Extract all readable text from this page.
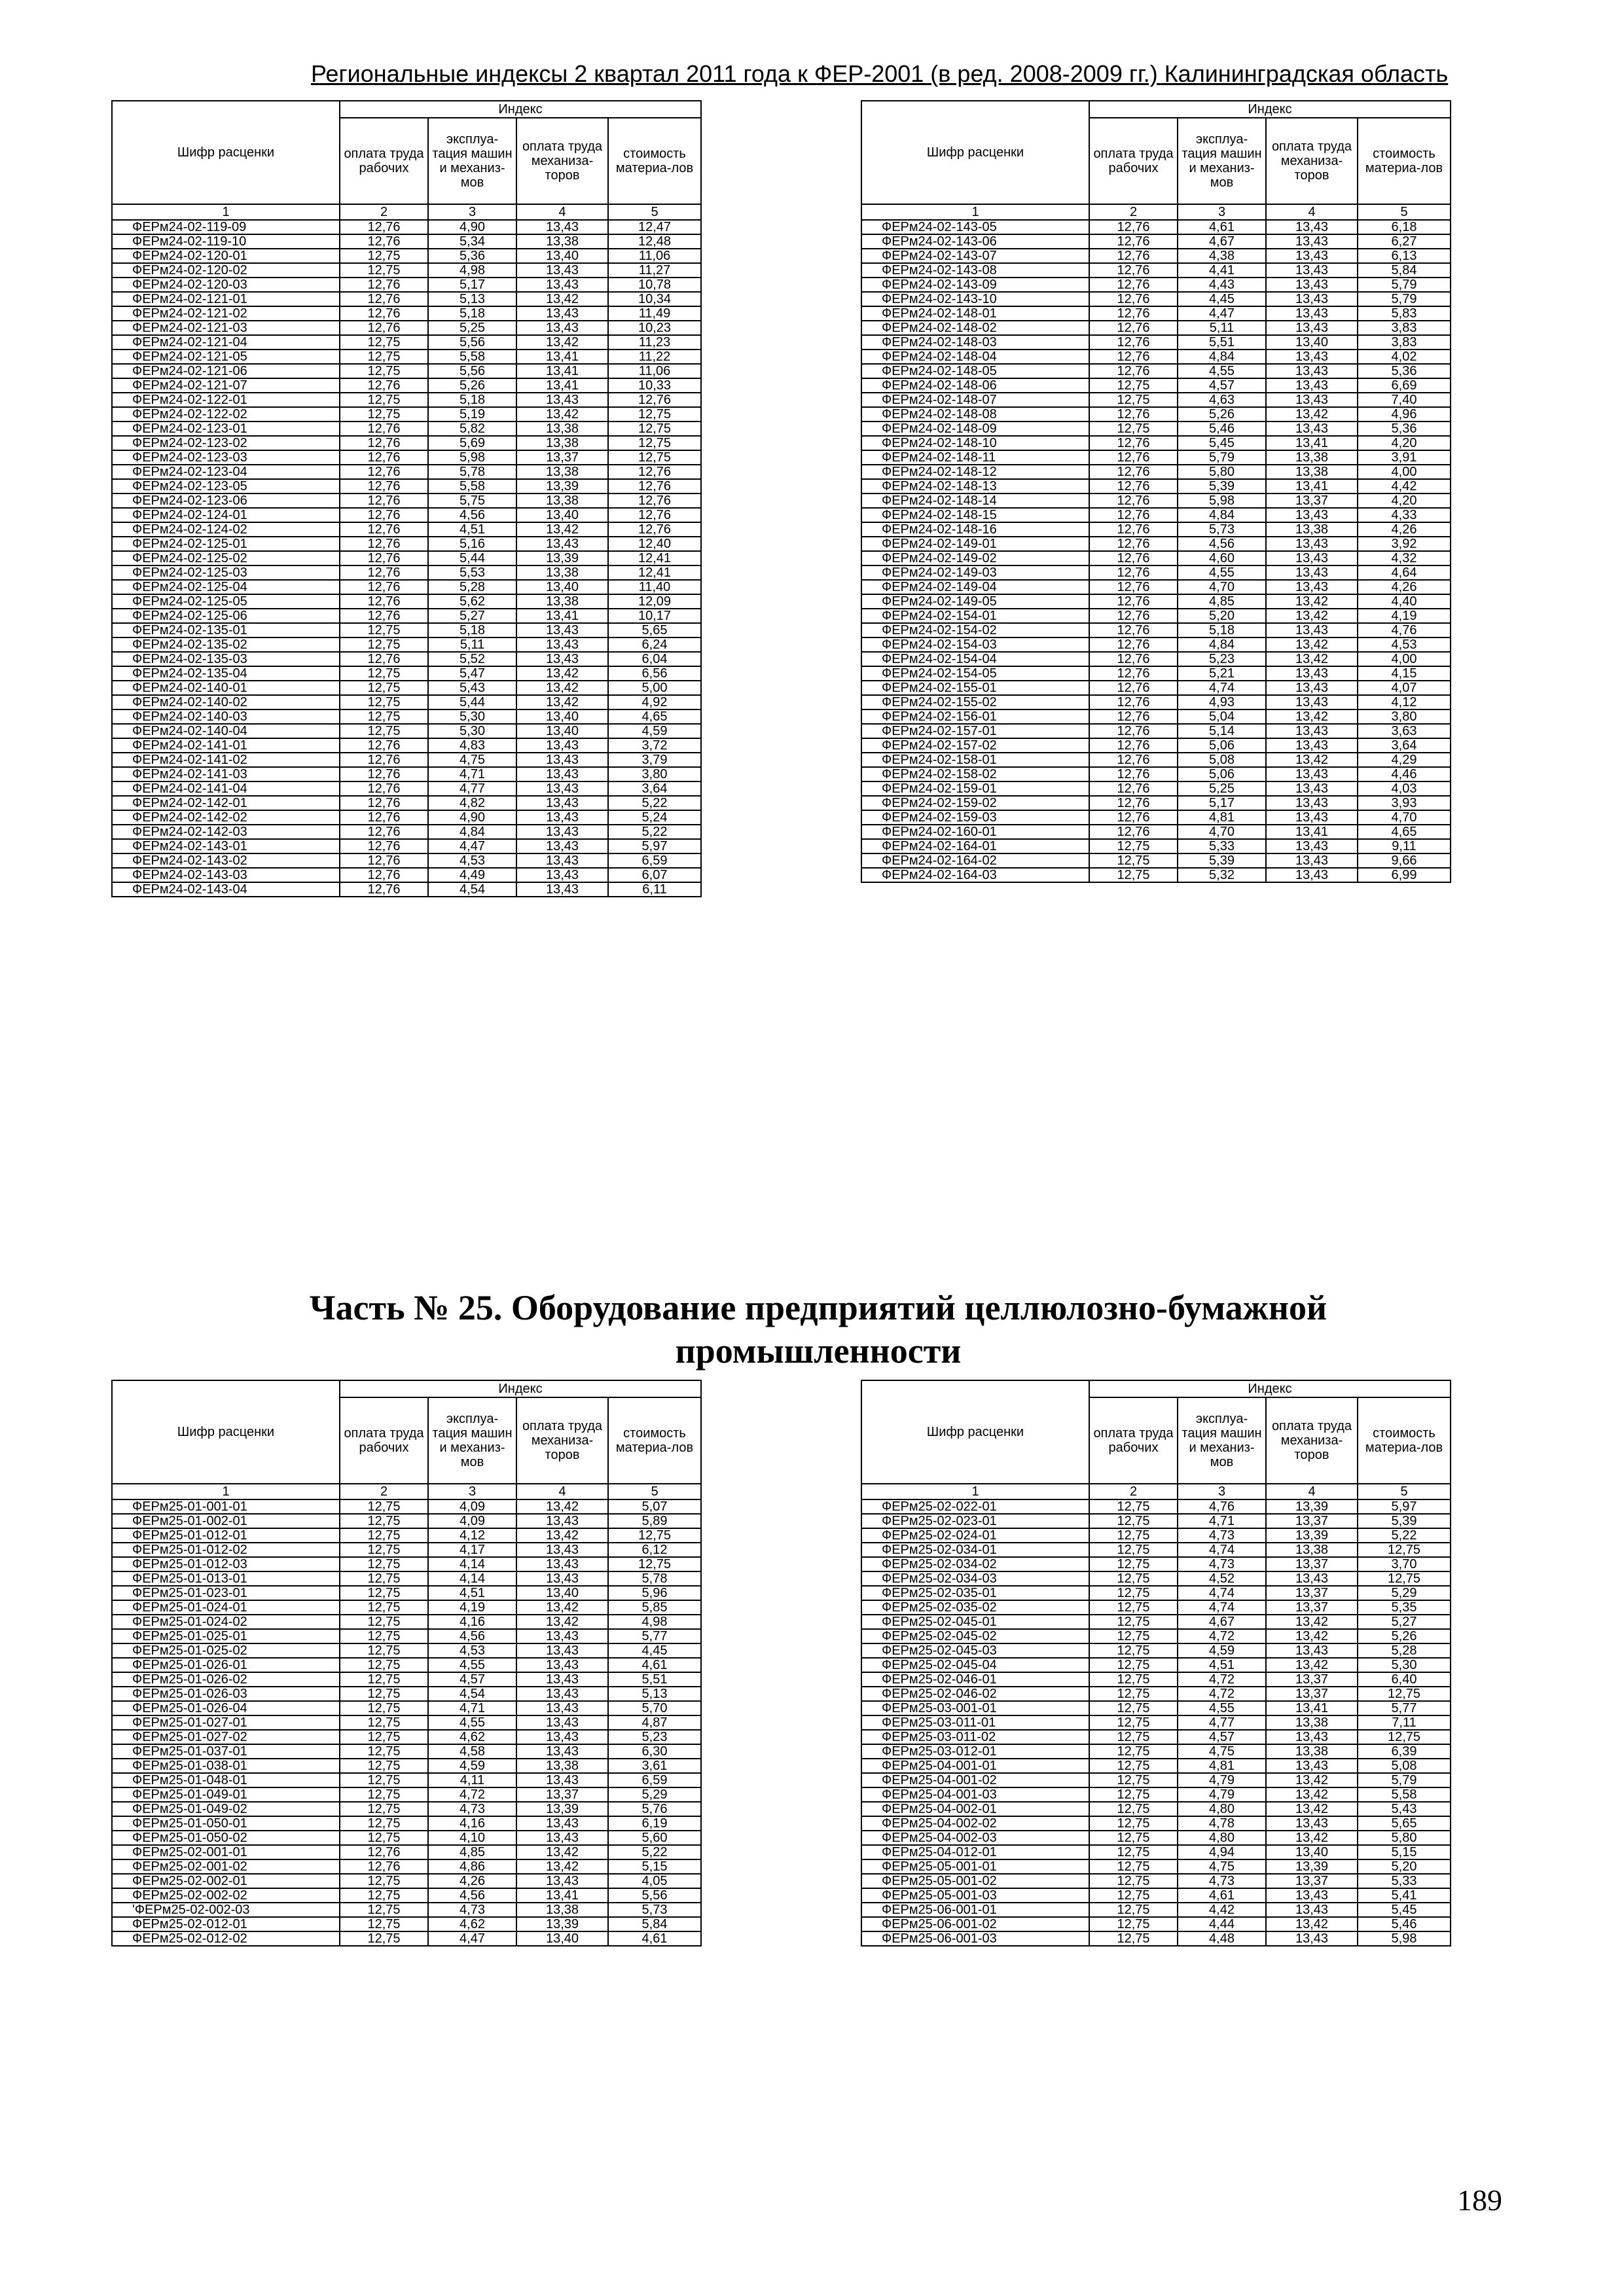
Региональные индексы 2 квартал 2011 года к ФЕР-2001 (в ред. 2008-2009 гг.) Калининградская область
Шифр расценки	Индекс			
	оплата труда рабочих	эксплуа-тация машин и механиз-мов	оплата труда механиза-торов	стоимость материа-лов
1	2	3	4	5
ФЕРм24-02-119-09	12,76	4,90	13,43	12,47
ФЕРм24-02-119-10	12,76	5,34	13,38	12,48
ФЕРм24-02-120-01	12,75	5,36	13,40	11,06
ФЕРм24-02-120-02	12,75	4,98	13,43	11,27
ФЕРм24-02-120-03	12,76	5,17	13,43	10,78
ФЕРм24-02-121-01	12,76	5,13	13,42	10,34
ФЕРм24-02-121-02	12,76	5,18	13,43	11,49
ФЕРм24-02-121-03	12,76	5,25	13,43	10,23
ФЕРм24-02-121-04	12,75	5,56	13,42	11,23
ФЕРм24-02-121-05	12,75	5,58	13,41	11,22
ФЕРм24-02-121-06	12,75	5,56	13,41	11,06
ФЕРм24-02-121-07	12,76	5,26	13,41	10,33
ФЕРм24-02-122-01	12,75	5,18	13,43	12,76
ФЕРм24-02-122-02	12,75	5,19	13,42	12,75
ФЕРм24-02-123-01	12,76	5,82	13,38	12,75
ФЕРм24-02-123-02	12,76	5,69	13,38	12,75
ФЕРм24-02-123-03	12,76	5,98	13,37	12,75
ФЕРм24-02-123-04	12,76	5,78	13,38	12,76
ФЕРм24-02-123-05	12,76	5,58	13,39	12,76
ФЕРм24-02-123-06	12,76	5,75	13,38	12,76
ФЕРм24-02-124-01	12,76	4,56	13,40	12,76
ФЕРм24-02-124-02	12,76	4,51	13,42	12,76
ФЕРм24-02-125-01	12,76	5,16	13,43	12,40
ФЕРм24-02-125-02	12,76	5,44	13,39	12,41
ФЕРм24-02-125-03	12,76	5,53	13,38	12,41
ФЕРм24-02-125-04	12,76	5,28	13,40	11,40
ФЕРм24-02-125-05	12,76	5,62	13,38	12,09
ФЕРм24-02-125-06	12,76	5,27	13,41	10,17
ФЕРм24-02-135-01	12,75	5,18	13,43	5,65
ФЕРм24-02-135-02	12,75	5,11	13,43	6,24
ФЕРм24-02-135-03	12,76	5,52	13,43	6,04
ФЕРм24-02-135-04	12,75	5,47	13,42	6,56
ФЕРм24-02-140-01	12,75	5,43	13,42	5,00
ФЕРм24-02-140-02	12,75	5,44	13,42	4,92
ФЕРм24-02-140-03	12,75	5,30	13,40	4,65
ФЕРм24-02-140-04	12,75	5,30	13,40	4,59
ФЕРм24-02-141-01	12,76	4,83	13,43	3,72
ФЕРм24-02-141-02	12,76	4,75	13,43	3,79
ФЕРм24-02-141-03	12,76	4,71	13,43	3,80
ФЕРм24-02-141-04	12,76	4,77	13,43	3,64
ФЕРм24-02-142-01	12,76	4,82	13,43	5,22
ФЕРм24-02-142-02	12,76	4,90	13,43	5,24
ФЕРм24-02-142-03	12,76	4,84	13,43	5,22
ФЕРм24-02-143-01	12,76	4,47	13,43	5,97
ФЕРм24-02-143-02	12,76	4,53	13,43	6,59
ФЕРм24-02-143-03	12,76	4,49	13,43	6,07
ФЕРм24-02-143-04	12,76	4,54	13,43	6,11
Шифр расценки	Индекс			
	оплата труда рабочих	эксплуа-тация машин и механиз-мов	оплата труда механиза-торов	стоимость материа-лов
1	2	3	4	5
ФЕРм24-02-143-05	12,76	4,61	13,43	6,18
ФЕРм24-02-143-06	12,76	4,67	13,43	6,27
ФЕРм24-02-143-07	12,76	4,38	13,43	6,13
ФЕРм24-02-143-08	12,76	4,41	13,43	5,84
ФЕРм24-02-143-09	12,76	4,43	13,43	5,79
ФЕРм24-02-143-10	12,76	4,45	13,43	5,79
ФЕРм24-02-148-01	12,76	4,47	13,43	5,83
ФЕРм24-02-148-02	12,76	5,11	13,43	3,83
ФЕРм24-02-148-03	12,76	5,51	13,40	3,83
ФЕРм24-02-148-04	12,76	4,84	13,43	4,02
ФЕРм24-02-148-05	12,76	4,55	13,43	5,36
ФЕРм24-02-148-06	12,75	4,57	13,43	6,69
ФЕРм24-02-148-07	12,75	4,63	13,43	7,40
ФЕРм24-02-148-08	12,76	5,26	13,42	4,96
ФЕРм24-02-148-09	12,75	5,46	13,43	5,36
ФЕРм24-02-148-10	12,76	5,45	13,41	4,20
ФЕРм24-02-148-11	12,76	5,79	13,38	3,91
ФЕРм24-02-148-12	12,76	5,80	13,38	4,00
ФЕРм24-02-148-13	12,76	5,39	13,41	4,42
ФЕРм24-02-148-14	12,76	5,98	13,37	4,20
ФЕРм24-02-148-15	12,76	4,84	13,43	4,33
ФЕРм24-02-148-16	12,76	5,73	13,38	4,26
ФЕРм24-02-149-01	12,76	4,56	13,43	3,92
ФЕРм24-02-149-02	12,76	4,60	13,43	4,32
ФЕРм24-02-149-03	12,76	4,55	13,43	4,64
ФЕРм24-02-149-04	12,76	4,70	13,43	4,26
ФЕРм24-02-149-05	12,76	4,85	13,42	4,40
ФЕРм24-02-154-01	12,76	5,20	13,42	4,19
ФЕРм24-02-154-02	12,76	5,18	13,43	4,76
ФЕРм24-02-154-03	12,76	4,84	13,42	4,53
ФЕРм24-02-154-04	12,76	5,23	13,42	4,00
ФЕРм24-02-154-05	12,76	5,21	13,43	4,15
ФЕРм24-02-155-01	12,76	4,74	13,43	4,07
ФЕРм24-02-155-02	12,76	4,93	13,43	4,12
ФЕРм24-02-156-01	12,76	5,04	13,42	3,80
ФЕРм24-02-157-01	12,76	5,14	13,43	3,63
ФЕРм24-02-157-02	12,76	5,06	13,43	3,64
ФЕРм24-02-158-01	12,76	5,08	13,42	4,29
ФЕРм24-02-158-02	12,76	5,06	13,43	4,46
ФЕРм24-02-159-01	12,76	5,25	13,43	4,03
ФЕРм24-02-159-02	12,76	5,17	13,43	3,93
ФЕРм24-02-159-03	12,76	4,81	13,43	4,70
ФЕРм24-02-160-01	12,76	4,70	13,41	4,65
ФЕРм24-02-164-01	12,75	5,33	13,43	9,11
ФЕРм24-02-164-02	12,75	5,39	13,43	9,66
ФЕРм24-02-164-03	12,75	5,32	13,43	6,99
Часть № 25. Оборудование предприятий целлюлозно-бумажной промышленности
Шифр расценки	Индекс			
	оплата труда рабочих	эксплуа-тация машин и механиз-мов	оплата труда механиза-торов	стоимость материа-лов
1	2	3	4	5
ФЕРм25-01-001-01	12,75	4,09	13,42	5,07
ФЕРм25-01-002-01	12,75	4,09	13,43	5,89
ФЕРм25-01-012-01	12,75	4,12	13,42	12,75
ФЕРм25-01-012-02	12,75	4,17	13,43	6,12
ФЕРм25-01-012-03	12,75	4,14	13,43	12,75
ФЕРм25-01-013-01	12,75	4,14	13,43	5,78
ФЕРм25-01-023-01	12,75	4,51	13,40	5,96
ФЕРм25-01-024-01	12,75	4,19	13,42	5,85
ФЕРм25-01-024-02	12,75	4,16	13,42	4,98
ФЕРм25-01-025-01	12,75	4,56	13,43	5,77
ФЕРм25-01-025-02	12,75	4,53	13,43	4,45
ФЕРм25-01-026-01	12,75	4,55	13,43	4,61
ФЕРм25-01-026-02	12,75	4,57	13,43	5,51
ФЕРм25-01-026-03	12,75	4,54	13,43	5,13
ФЕРм25-01-026-04	12,75	4,71	13,43	5,70
ФЕРм25-01-027-01	12,75	4,55	13,43	4,87
ФЕРм25-01-027-02	12,75	4,62	13,43	5,23
ФЕРм25-01-037-01	12,75	4,58	13,43	6,30
ФЕРм25-01-038-01	12,75	4,59	13,38	3,61
ФЕРм25-01-048-01	12,75	4,11	13,43	6,59
ФЕРм25-01-049-01	12,75	4,72	13,37	5,29
ФЕРм25-01-049-02	12,75	4,73	13,39	5,76
ФЕРм25-01-050-01	12,75	4,16	13,43	6,19
ФЕРм25-01-050-02	12,75	4,10	13,43	5,60
ФЕРм25-02-001-01	12,76	4,85	13,42	5,22
ФЕРм25-02-001-02	12,76	4,86	13,42	5,15
ФЕРм25-02-002-01	12,75	4,26	13,43	4,05
ФЕРм25-02-002-02	12,75	4,56	13,41	5,56
'ФЕРм25-02-002-03	12,75	4,73	13,38	5,73
ФЕРм25-02-012-01	12,75	4,62	13,39	5,84
ФЕРм25-02-012-02	12,75	4,47	13,40	4,61
Шифр расценки	Индекс			
	оплата труда рабочих	эксплуа-тация машин и механиз-мов	оплата труда механиза-торов	стоимость материа-лов
1	2	3	4	5
ФЕРм25-02-022-01	12,75	4,76	13,39	5,97
ФЕРм25-02-023-01	12,75	4,71	13,37	5,39
ФЕРм25-02-024-01	12,75	4,73	13,39	5,22
ФЕРм25-02-034-01	12,75	4,74	13,38	12,75
ФЕРм25-02-034-02	12,75	4,73	13,37	3,70
ФЕРм25-02-034-03	12,75	4,52	13,43	12,75
ФЕРм25-02-035-01	12,75	4,74	13,37	5,29
ФЕРм25-02-035-02	12,75	4,74	13,37	5,35
ФЕРм25-02-045-01	12,75	4,67	13,42	5,27
ФЕРм25-02-045-02	12,75	4,72	13,42	5,26
ФЕРм25-02-045-03	12,75	4,59	13,43	5,28
ФЕРм25-02-045-04	12,75	4,51	13,42	5,30
ФЕРм25-02-046-01	12,75	4,72	13,37	6,40
ФЕРм25-02-046-02	12,75	4,72	13,37	12,75
ФЕРм25-03-001-01	12,75	4,55	13,41	5,77
ФЕРм25-03-011-01	12,75	4,77	13,38	7,11
ФЕРм25-03-011-02	12,75	4,57	13,43	12,75
ФЕРм25-03-012-01	12,75	4,75	13,38	6,39
ФЕРм25-04-001-01	12,75	4,81	13,43	5,08
ФЕРм25-04-001-02	12,75	4,79	13,42	5,79
ФЕРм25-04-001-03	12,75	4,79	13,42	5,58
ФЕРм25-04-002-01	12,75	4,80	13,42	5,43
ФЕРм25-04-002-02	12,75	4,78	13,43	5,65
ФЕРм25-04-002-03	12,75	4,80	13,42	5,80
ФЕРм25-04-012-01	12,75	4,94	13,40	5,15
ФЕРм25-05-001-01	12,75	4,75	13,39	5,20
ФЕРм25-05-001-02	12,75	4,73	13,37	5,33
ФЕРм25-05-001-03	12,75	4,61	13,43	5,41
ФЕРм25-06-001-01	12,75	4,42	13,43	5,45
ФЕРм25-06-001-02	12,75	4,44	13,42	5,46
ФЕРм25-06-001-03	12,75	4,48	13,43	5,98
189
